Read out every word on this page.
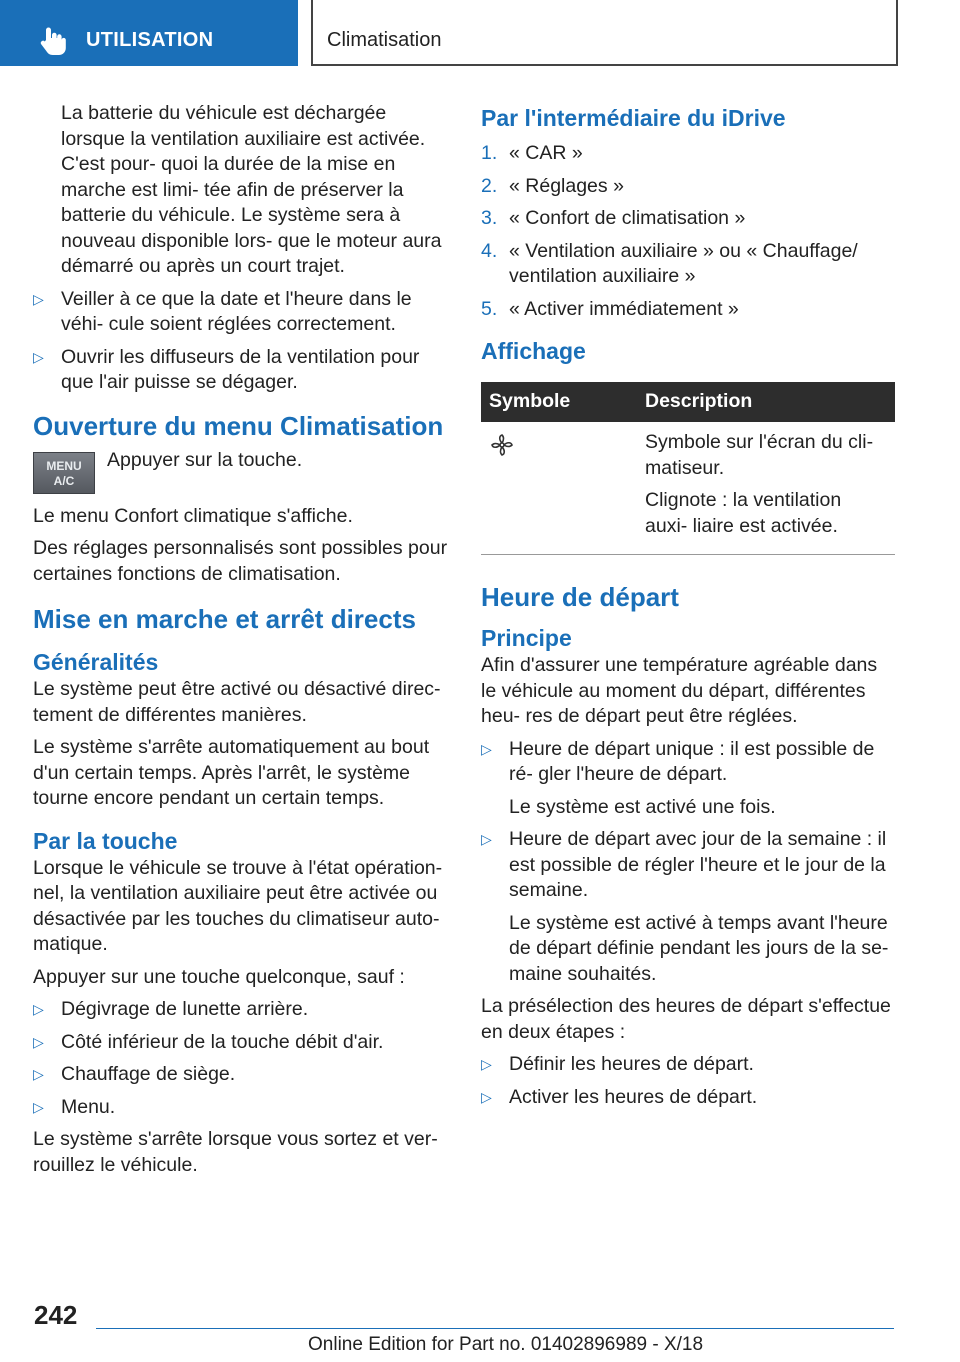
UTILISATION	Climatisation

La batterie du véhicule est déchargée lorsque la ventilation auxiliaire est activée. C'est pour- quoi la durée de la mise en marche est limi- tée afin de préserver la batterie du véhicule. Le système sera à nouveau disponible lors- que le moteur aura démarré ou après un court trajet.

▷ Veiller à ce que la date et l'heure dans le véhi- cule soient réglées correctement.
▷ Ouvrir les diffuseurs de la ventilation pour que l'air puisse se dégager.
Ouverture du menu Climatisation
MENU
A/C

Appuyer sur la touche.

Le menu Confort climatique s'affiche.

Des réglages personnalisés sont possibles pour certaines fonctions de climatisation.

Mise en marche et arrêt directs
Généralités

Le système peut être activé ou désactivé direc- tement de différentes manières.

Le système s'arrête automatiquement au bout d'un certain temps. Après l'arrêt, le système tourne encore pendant un certain temps.

Par la touche

Lorsque le véhicule se trouve à l'état opération- nel, la ventilation auxiliaire peut être activée ou désactivée par les touches du climatiseur auto- matique.

Appuyer sur une touche quelconque, sauf :

▷ Dégivrage de lunette arrière.
▷ Côté inférieur de la touche débit d'air.
▷ Chauffage de siège.
▷ Menu.

Le système s'arrête lorsque vous sortez et ver- rouillez le véhicule.

Par l'intermédiaire du iDrive
1. « CAR »
2. « Réglages »
3. « Confort de climatisation »
4. « Ventilation auxiliaire » ou « Chauffage/ ventilation auxiliaire »
5. « Activer immédiatement »
Affichage
Symbole	Description

Symbole sur l'écran du cli- matiseur.

Clignote : la ventilation auxi- liaire est activée.

Heure de départ
Principe

Afin d'assurer une température agréable dans le véhicule au moment du départ, différentes heu- res de départ peut être réglées.

▷ Heure de départ unique : il est possible de ré- gler l'heure de départ.

Le système est activé une fois.

▷ Heure de départ avec jour de la semaine : il est possible de régler l'heure et le jour de la semaine.

Le système est activé à temps avant l'heure de départ définie pendant les jours de la se- maine souhaités.

La présélection des heures de départ s'effectue en deux étapes :

▷ Définir les heures de départ.
▷ Activer les heures de départ.
242
Online Edition for Part no. 01402896989 - X/18
